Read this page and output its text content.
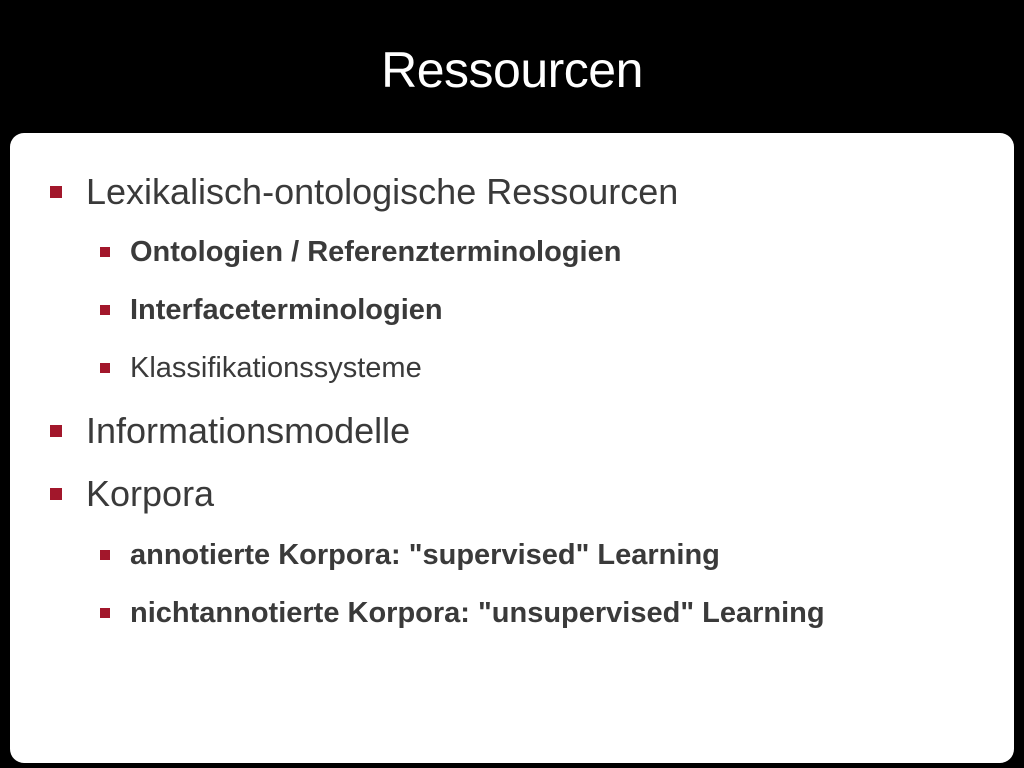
Ressourcen
Lexikalisch-ontologische Ressourcen
Ontologien / Referenzterminologien
Interfaceterminologien
Klassifikationssysteme
Informationsmodelle
Korpora
annotierte Korpora: "supervised" Learning
nichtannotierte Korpora: "unsupervised" Learning
